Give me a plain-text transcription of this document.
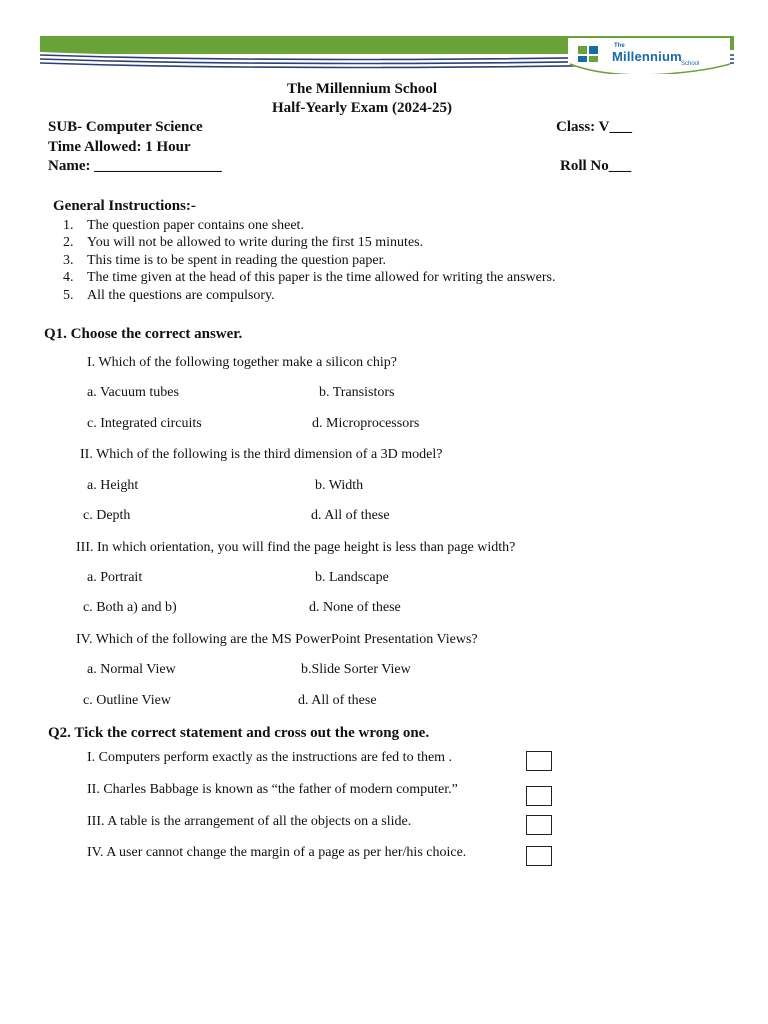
The
Millennium School
The Millennium School
Half-Yearly Exam (2024-25)
SUB- Computer Science	Class: V___
Time Allowed: 1 Hour
Name: _________________	Roll No___
General Instructions:-
1. The question paper contains one sheet.
2. You will not be allowed to write during the first 15 minutes.
3. This time is to be spent in reading the question paper.
4. The time given at the head of this paper is the time allowed for writing the answers.
5. All the questions are compulsory.
Q1. Choose the correct answer.
I. Which of the following together make a silicon chip?
a. Vacuum tubes	b. Transistors
c. Integrated circuits	d. Microprocessors
II. Which of the following is the third dimension of a 3D model?
a. Height	b. Width
c. Depth	d. All of these
III. In which orientation, you will find the page height is less than page width?
a. Portrait	b. Landscape
c. Both a) and b)	d. None of these
IV. Which of the following are the MS PowerPoint Presentation Views?
a. Normal View	b.Slide Sorter View
c. Outline View	d. All of these
Q2. Tick the correct statement and cross out the wrong one.
I. Computers perform exactly as the instructions are fed to them .
II. Charles Babbage is known as “the father of modern computer.”
III. A table is the arrangement of all the objects on a slide.
IV. A user cannot change the margin of a page as per her/his choice.
